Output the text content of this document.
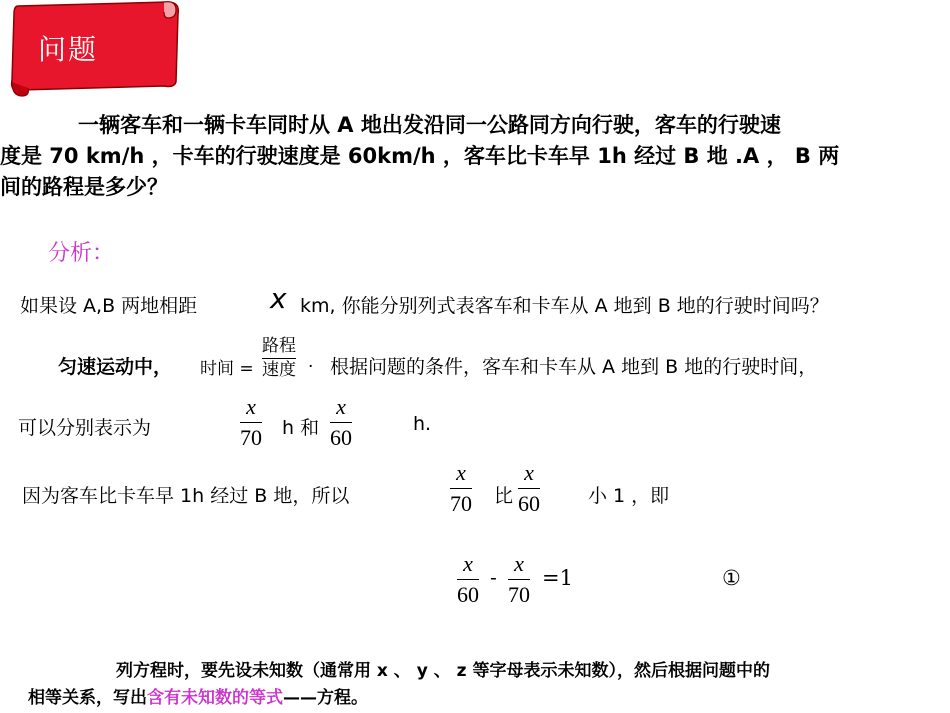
问题
一辆客车和一辆卡车同时从 A 地出发沿同一公路同方向行驶，客车的行驶速
度是 70 km/h ，卡车的行驶速度是 60km/h ，客车比卡车早 1h 经过 B 地 .A ， B 两
间的路程是多少？
分析：
如果设 A,B 两地相距	x km, 你能分别列式表客车和卡车从 A 地到 B 地的行驶时间吗？
匀速运动中， 时间 =
路程
速度 . 根据问题的条件，客车和卡车从 A 地到 B 地的行驶时间，
可以分别表示为
x
70 h 和
x
60
h.
因为客车比卡车早 1h 经过 B 地，所以
x
70 比
x
60	小 1 ，即
x
60
-
x
70
=1	①
列方程时，要先设未知数（通常用 x 、 y 、 z 等字母表示未知数），然后根据问题中的
相等关系，写出含有未知数的等式——方程。
